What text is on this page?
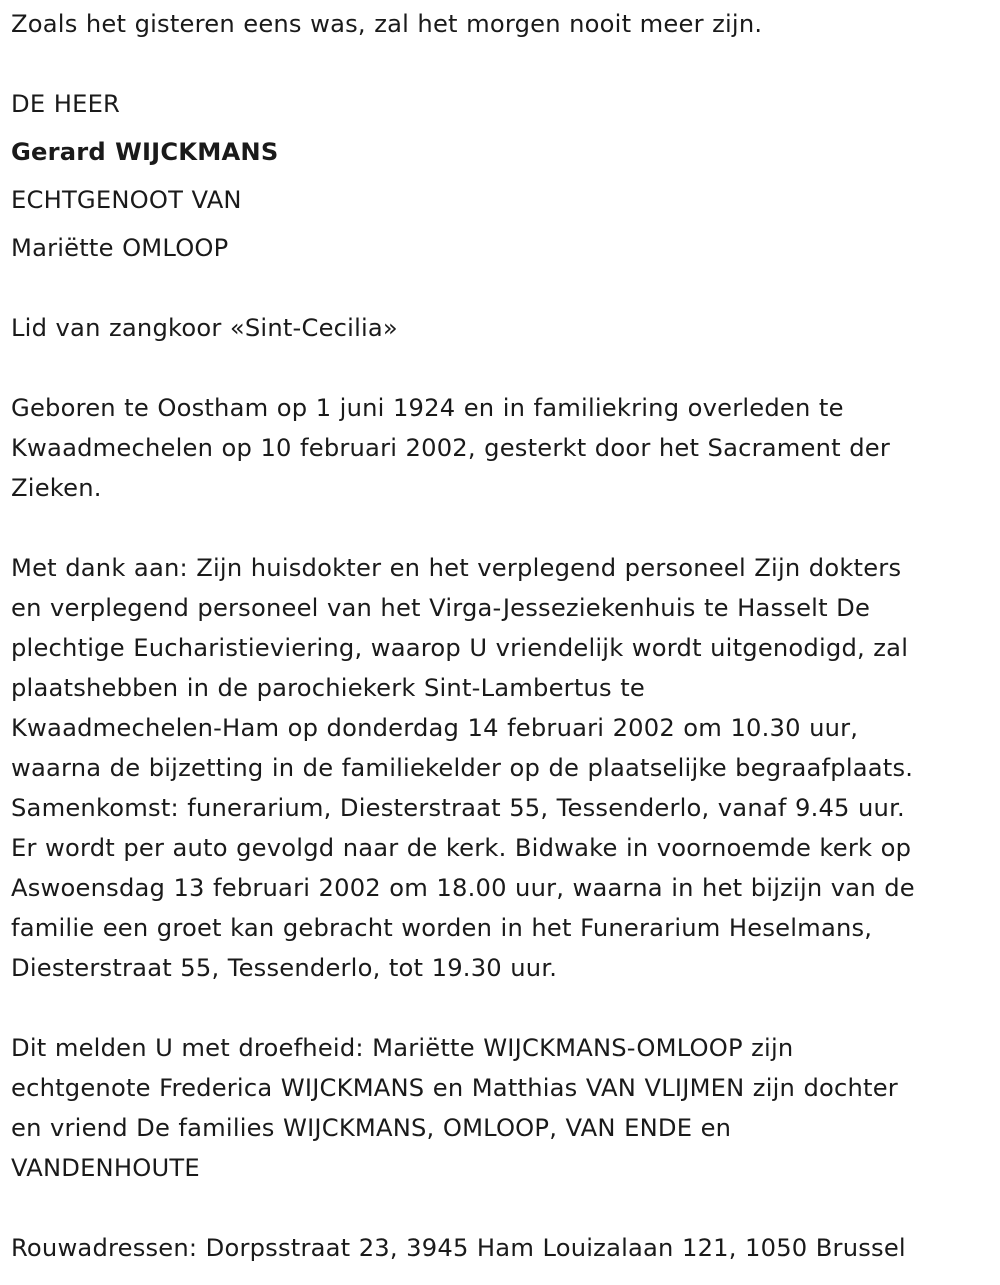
Zoals het gisteren eens was, zal het morgen nooit meer zijn.

DE HEER

Gerard WIJCKMANS

ECHTGENOOT VAN

Mariëtte OMLOOP

Lid van zangkoor «Sint-Cecilia»

Geboren te Oostham op 1 juni 1924 en in familiekring overleden te

Kwaadmechelen op 10 februari 2002, gesterkt door het Sacrament der

Zieken.

Met dank aan: Zijn huisdokter en het verplegend personeel Zijn dokters

en verplegend personeel van het Virga-Jesseziekenhuis te Hasselt De

plechtige Eucharistieviering, waarop U vriendelijk wordt uitgenodigd, zal

plaatshebben in de parochiekerk Sint-Lambertus te

Kwaadmechelen-Ham op donderdag 14 februari 2002 om 10.30 uur,

waarna de bijzetting in de familiekelder op de plaatselijke begraafplaats.

Samenkomst: funerarium, Diesterstraat 55, Tessenderlo, vanaf 9.45 uur.

Er wordt per auto gevolgd naar de kerk. Bidwake in voornoemde kerk op

Aswoensdag 13 februari 2002 om 18.00 uur, waarna in het bijzijn van de

familie een groet kan gebracht worden in het Funerarium Heselmans,

Diesterstraat 55, Tessenderlo, tot 19.30 uur.

Dit melden U met droefheid: Mariëtte WIJCKMANS-OMLOOP zijn

echtgenote Frederica WIJCKMANS en Matthias VAN VLIJMEN zijn dochter

en vriend De families WIJCKMANS, OMLOOP, VAN ENDE en

VANDENHOUTE

Rouwadressen: Dorpsstraat 23, 3945 Ham Louizalaan 121, 1050 Brussel
